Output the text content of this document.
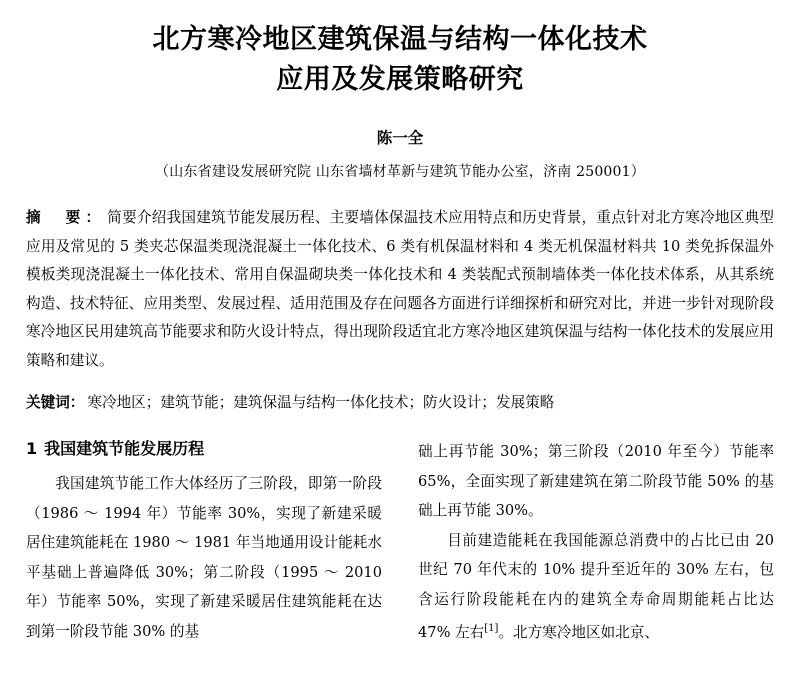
北方寒冷地区建筑保温与结构一体化技术
应用及发展策略研究
陈一全
（山东省建设发展研究院 山东省墙材革新与建筑节能办公室，济南 250001）
摘　要： 简要介绍我国建筑节能发展历程、主要墙体保温技术应用特点和历史背景，重点针对北方寒冷地区典型应用及常见的 5 类夹芯保温类现浇混凝土一体化技术、6 类有机保温材料和 4 类无机保温材料共 10 类免拆保温外模板类现浇混凝土一体化技术、常用自保温砌块类一体化技术和 4 类装配式预制墙体类一体化技术体系，从其系统构造、技术特征、应用类型、发展过程、适用范围及存在问题各方面进行详细探析和研究对比，并进一步针对现阶段寒冷地区民用建筑高节能要求和防火设计特点，得出现阶段适宜北方寒冷地区建筑保温与结构一体化技术的发展应用策略和建议。
关键词： 寒冷地区；建筑节能；建筑保温与结构一体化技术；防火设计；发展策略
1 我国建筑节能发展历程

我国建筑节能工作大体经历了三阶段，即第一阶段（1986 ～ 1994 年）节能率 30%，实现了新建采暖居住建筑能耗在 1980 ～ 1981 年当地通用设计能耗水平基础上普遍降低 30%；第二阶段（1995 ～ 2010 年）节能率 50%，实现了新建采暖居住建筑能耗在达到第一阶段节能 30% 的基

础上再节能 30%；第三阶段（2010 年至今）节能率 65%，全面实现了新建建筑在第二阶段节能 50% 的基础上再节能 30%。

目前建造能耗在我国能源总消费中的占比已由 20 世纪 70 年代末的 10% 提升至近年的 30% 左右，包含运行阶段能耗在内的建筑全寿命周期能耗占比达 47% 左右[1]。北方寒冷地区如北京、
